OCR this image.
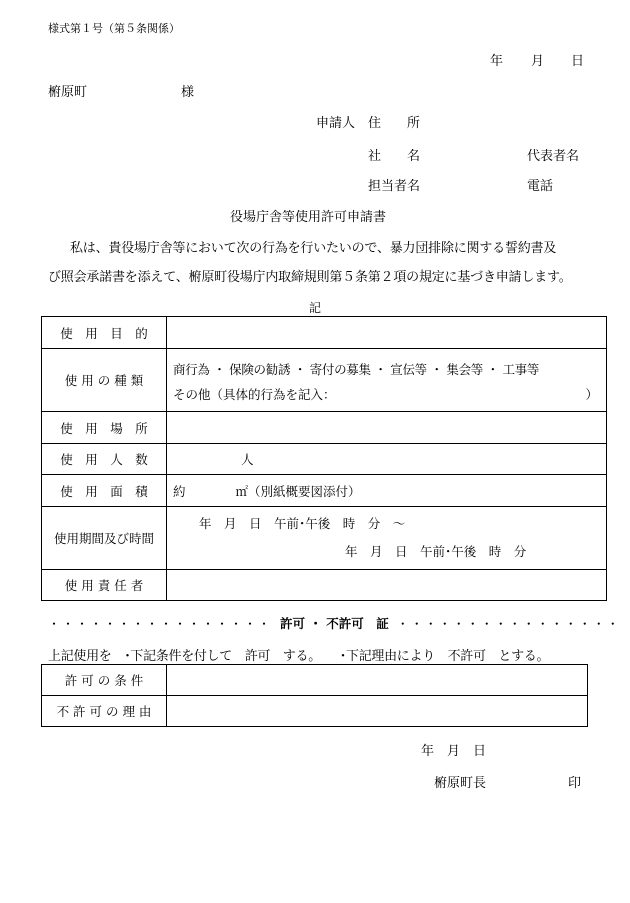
様式第１号（第５条関係）
年 月 日
椨原町	様
申請人 住　　所
社　　名	代表者名
担当者名	電話
役場庁舎等使用許可申請書
私は、貴役場庁舎等において次の行為を行いたいので、暴力団排除に関する誓約書及
び照会承諾書を添えて、椨原町役場庁内取締規則第５条第２項の規定に基づき申請します。
記
使　用　目　的	
使 用 の 種 類	商行為 ・ 保険の勧誘 ・ 寄付の募集 ・ 宣伝等 ・ 集会等 ・ 工事等
その他（具体的行為を記入： ）

使　用　場　所	
使　用　人　数	人
使　用　面　積	約 ㎡（別紙概要図添付）
使用期間及び時間	年　月　日　午前･午後　時　分　～
年　月　日　午前･午後　時　分

使 用 責 任 者	
・・・・・・・・・・・・・・・・ 許可 ・ 不許可　証 ・・・・・・・・・・・・・・・・
上記使用を　･下記条件を付して　許可　する。　　･下記理由により　不許可　とする。
許 可 の 条 件	
不 許 可 の 理 由	
年　月　日
椨原町長	印
